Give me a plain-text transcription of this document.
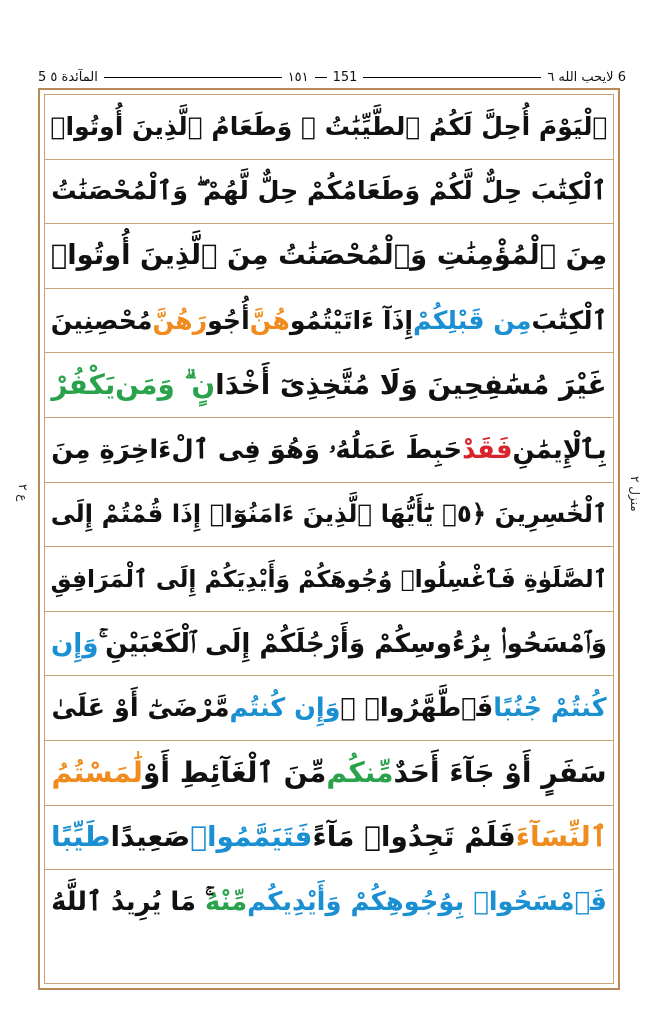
المآئدة ٥ 5	١٥١ 151	6 لايحب الله ٦
ع ۲
منزل ٢
ٱلْيَوْمَ أُحِلَّ لَكُمُ ٱلطَّيِّبَٰتُ ۖ وَطَعَامُ ٱلَّذِينَ أُوتُوا۟
ٱلْكِتَٰبَ حِلٌّ لَّكُمْ وَطَعَامُكُمْ حِلٌّ لَّهُمْ ۖ وَٱلْمُحْصَنَٰتُ
مِنَ ٱلْمُؤْمِنَٰتِ وَٱلْمُحْصَنَٰتُ مِنَ ٱلَّذِينَ أُوتُوا۟
ٱلْكِتَٰبَ
مِن قَبْلِكُمْ
إِذَآ ءَاتَيْتُمُو
هُنَّ
أُجُو
رَهُنَّ
مُحْصِنِينَ
غَيْرَ مُسَٰفِحِينَ وَلَا مُتَّخِذِىٓ أَخْدَا
نٍ ۗ وَمَن
يَكْفُرْ
بِٱلْإِيمَٰنِ
فَقَدْ
حَبِطَ عَمَلُهُۥ وَهُوَ فِى ٱلْءَاخِرَةِ مِنَ
ٱلْخَٰسِرِينَ ﴿٥﴾ يَٰٓأَيُّهَا ٱلَّذِينَ ءَامَنُوٓا۟ إِذَا قُمْتُمْ إِلَى
ٱلصَّلَوٰةِ فَٱغْسِلُوا۟ وُجُوهَكُمْ وَأَيْدِيَكُمْ إِلَى ٱلْمَرَافِقِ
وَٱمْسَحُوا۟ بِرُءُوسِكُمْ وَأَرْجُلَكُمْ إِلَى ٱلْكَعْبَيْنِ ۚ
وَإِن
كُنتُمْ جُنُبًا
فَٱطَّهَّرُوا۟ ۚ
وَإِن كُنتُم
مَّرْضَىٰٓ أَوْ عَلَىٰ
سَفَرٍ أَوْ جَآءَ أَحَدٌ
مِّنكُم
مِّنَ ٱلْغَآئِطِ أَوْ
لَٰمَسْتُمُ
ٱلنِّسَآءَ
فَلَمْ تَجِدُوا۟ مَآءً
فَتَيَمَّمُوا۟
صَعِيدًا
طَيِّبًا
فَٱمْسَحُوا۟ بِوُجُوهِكُمْ وَأَيْدِيكُم
مِّنْهُ
ۚ مَا يُرِيدُ ٱللَّهُ
